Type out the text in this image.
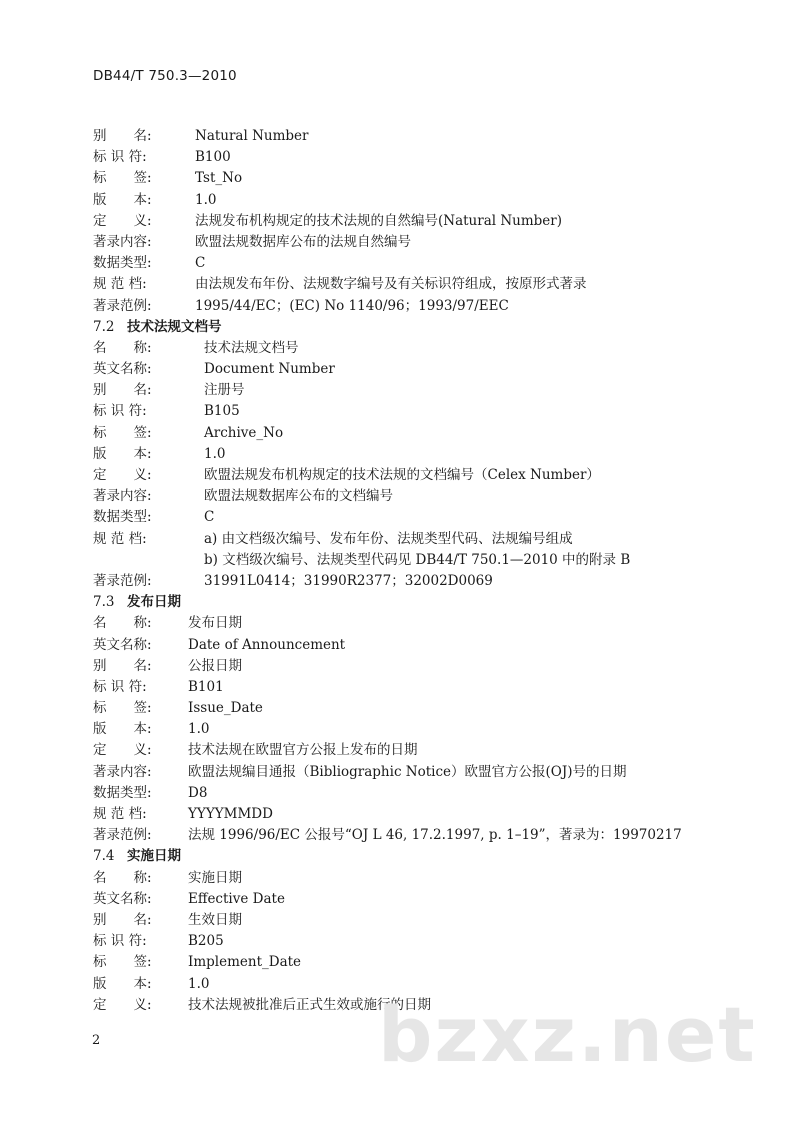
DB44/T 750.3—2010
别　　名:	Natural Number
标 识 符:	B100
标　　签:	Tst_No
版　　本:	1.0
定　　义:	法规发布机构规定的技术法规的自然编号(Natural Number)
著录内容:	欧盟法规数据库公布的法规自然编号
数据类型:	C
规 范 档:	由法规发布年份、法规数字编号及有关标识符组成，按原形式著录
著录范例:	1995/44/EC；(EC) No 1140/96；1993/97/EEC
7.2 技术法规文档号
名　　称:	技术法规文档号
英文名称:	Document Number
别　　名:	注册号
标 识 符:	B105
标　　签:	Archive_No
版　　本:	1.0
定　　义:	欧盟法规发布机构规定的技术法规的文档编号（Celex Number）
著录内容:	欧盟法规数据库公布的文档编号
数据类型:	C
规 范 档:	a) 由文档级次编号、发布年份、法规类型代码、法规编号组成
b) 文档级次编号、法规类型代码见 DB44/T 750.1—2010 中的附录 B
著录范例:	31991L0414；31990R2377；32002D0069
7.3 发布日期
名　　称:	发布日期
英文名称:	Date of Announcement
别　　名:	公报日期
标 识 符:	B101
标　　签:	Issue_Date
版　　本:	1.0
定　　义:	技术法规在欧盟官方公报上发布的日期
著录内容:	欧盟法规编目通报（Bibliographic Notice）欧盟官方公报(OJ)号的日期
数据类型:	D8
规 范 档:	YYYYMMDD
著录范例:	法规 1996/96/EC 公报号“OJ L 46, 17.2.1997, p. 1–19”，著录为：19970217
7.4 实施日期
名　　称:	实施日期
英文名称:	Effective Date
别　　名:	生效日期
标 识 符:	B205
标　　签:	Implement_Date
版　　本:	1.0
定　　义:	技术法规被批准后正式生效或施行的日期
2	bzxz.net
